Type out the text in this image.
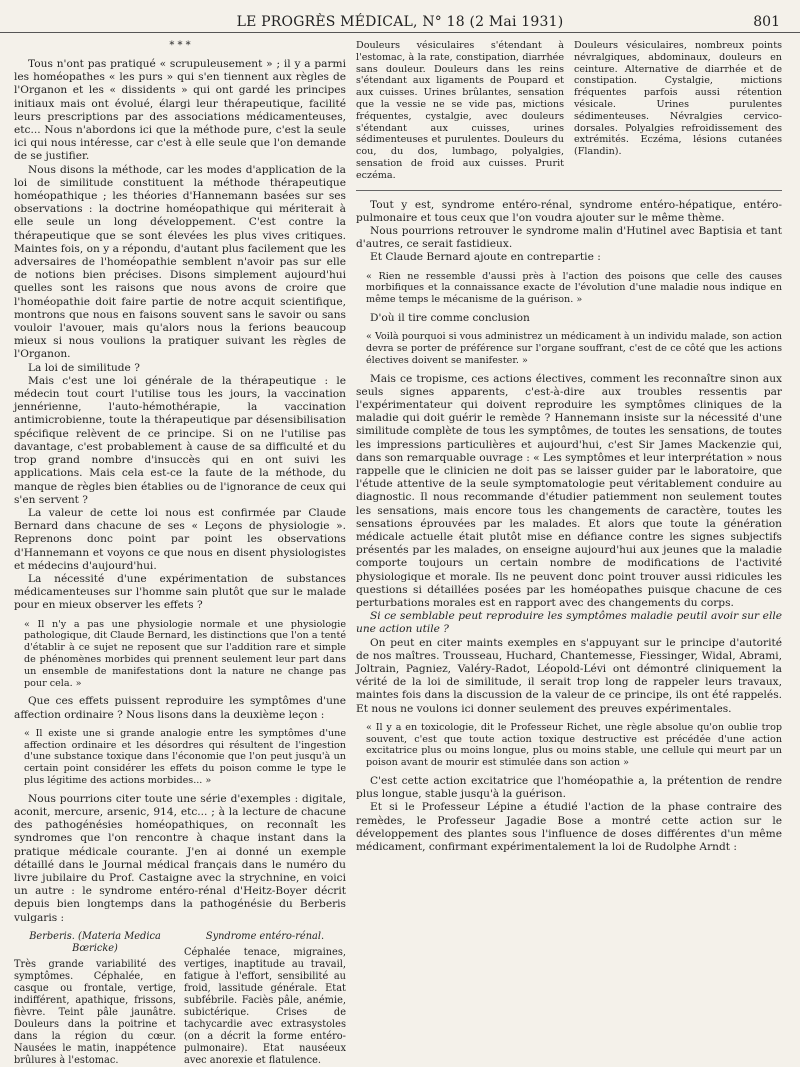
LE PROGRÈS MÉDICAL, N° 18 (2 Mai 1931)	801
* * *

Tous n'ont pas pratiqué « scrupuleusement » ; il y a parmi les homéopathes « les purs » qui s'en tiennent aux règles de l'Organon et les « dissidents » qui ont gardé les principes initiaux mais ont évolué, élargi leur thérapeutique, facilité leurs prescriptions par des associations médicamenteuses, etc... Nous n'abordons ici que la méthode pure, c'est la seule ici qui nous intéresse, car c'est à elle seule que l'on demande de se justifier.

Nous disons la méthode, car les modes d'application de la loi de similitude constituent la méthode thérapeutique homéopathique ; les théories d'Hannemann basées sur ses observations : la doctrine homéopathique qui mériterait à elle seule un long développement. C'est contre la thérapeutique que se sont élevées les plus vives critiques. Maintes fois, on y a répondu, d'autant plus facilement que les adversaires de l'homéopathie semblent n'avoir pas sur elle de notions bien précises. Disons simplement aujourd'hui quelles sont les raisons que nous avons de croire que l'homéopathie doit faire partie de notre acquit scientifique, montrons que nous en faisons souvent sans le savoir ou sans vouloir l'avouer, mais qu'alors nous la ferions beaucoup mieux si nous voulions la pratiquer suivant les règles de l'Organon.

La loi de similitude ?

Mais c'est une loi générale de la thérapeutique : le médecin tout court l'utilise tous les jours, la vaccination jennérienne, l'auto-hémothérapie, la vaccination antimicrobienne, toute la thérapeutique par désensibilisation spécifique relèvent de ce principe. Si on ne l'utilise pas davantage, c'est probablement à cause de sa difficulté et du trop grand nombre d'insuccès qui en ont suivi les applications. Mais cela est-ce la faute de la méthode, du manque de règles bien établies ou de l'ignorance de ceux qui s'en servent ?

La valeur de cette loi nous est confirmée par Claude Bernard dans chacune de ses « Leçons de physiologie ». Reprenons donc point par point les observations d'Hannemann et voyons ce que nous en disent physiologistes et médecins d'aujourd'hui.

La nécessité d'une expérimentation de substances médicamenteuses sur l'homme sain plutôt que sur le malade pour en mieux observer les effets ?

« Il n'y a pas une physiologie normale et une physiologie pathologique, dit Claude Bernard, les distinctions que l'on a tenté d'établir à ce sujet ne reposent que sur l'addition rare et simple de phénomènes morbides qui prennent seulement leur part dans un ensemble de manifestations dont la nature ne change pas pour cela. »

Que ces effets puissent reproduire les symptômes d'une affection ordinaire ? Nous lisons dans la deuxième leçon :

« Il existe une si grande analogie entre les symptômes d'une affection ordinaire et les désordres qui résultent de l'ingestion d'une substance toxique dans l'économie que l'on peut jusqu'à un certain point considérer les effets du poison comme le type le plus légitime des actions morbides... »

Nous pourrions citer toute une série d'exemples : digitale, aconit, mercure, arsenic, 914, etc... ; à la lecture de chacune des pathogénésies homéopathiques, on reconnaît les syndromes que l'on rencontre à chaque instant dans la pratique médicale courante. J'en ai donné un exemple détaillé dans le Journal médical français dans le numéro du livre jubilaire du Prof. Castaigne avec la strychnine, en voici un autre : le syndrome entéro-rénal d'Heitz-Boyer décrit depuis bien longtemps dans la pathogénésie du Berberis vulgaris :

Berberis. (Materia Medica Bœricke)
Très grande variabilité des symptômes. Céphalée, en casque ou frontale, vertige, indifférent, apathique, frissons, fièvre. Teint pâle jaunâtre. Douleurs dans la poitrine et dans la région du cœur. Nausées le matin, inappétence brûlures à l'estomac.
Syndrome entéro-rénal.
Céphalée tenace, migraines, vertiges, inaptitude au travail, fatigue à l'effort, sensibilité au froid, lassitude générale. Etat subfébrile. Faciès pâle, anémie, subictérique. Crises de tachycardie avec extrasystoles (on a décrit la forme entéro-pulmonaire). Etat nauséeux avec anorexie et flatulence.
Douleurs vésiculaires s'étendant à l'estomac, à la rate, constipation, diarrhée sans douleur. Douleurs dans les reins s'étendant aux ligaments de Poupard et aux cuisses. Urines brûlantes, sensation que la vessie ne se vide pas, mictions fréquentes, cystalgie, avec douleurs s'étendant aux cuisses, urines sédimenteuses et purulentes. Douleurs du cou, du dos, lumbago, polyalgies, sensation de froid aux cuisses. Prurit eczéma.
Douleurs vésiculaires, nombreux points névralgiques, abdominaux, douleurs en ceinture. Alternative de diarrhée et de constipation. Cystalgie, mictions fréquentes parfois aussi rétention vésicale. Urines purulentes sédimenteuses. Névralgies cervico-dorsales. Polyalgies refroidissement des extrémités. Eczéma, lésions cutanées (Flandin).

Tout y est, syndrome entéro-rénal, syndrome entéro-hépatique, entéro-pulmonaire et tous ceux que l'on voudra ajouter sur le même thème.

Nous pourrions retrouver le syndrome malin d'Hutinel avec Baptisia et tant d'autres, ce serait fastidieux.

Et Claude Bernard ajoute en contrepartie :

« Rien ne ressemble d'aussi près à l'action des poisons que celle des causes morbifiques et la connaissance exacte de l'évolution d'une maladie nous indique en même temps le mécanisme de la guérison. »

D'où il tire comme conclusion

« Voilà pourquoi si vous administrez un médicament à un individu malade, son action devra se porter de préférence sur l'organe souffrant, c'est de ce côté que les actions électives doivent se manifester. »

Mais ce tropisme, ces actions électives, comment les reconnaître sinon aux seuls signes apparents, c'est-à-dire aux troubles ressentis par l'expérimentateur qui doivent reproduire les symptômes cliniques de la maladie qui doit guérir le remède ? Hannemann insiste sur la nécessité d'une similitude complète de tous les symptômes, de toutes les sensations, de toutes les impressions particulières et aujourd'hui, c'est Sir James Mackenzie qui, dans son remarquable ouvrage : « Les symptômes et leur interprétation » nous rappelle que le clinicien ne doit pas se laisser guider par le laboratoire, que l'étude attentive de la seule symptomatologie peut véritablement conduire au diagnostic. Il nous recommande d'étudier patiemment non seulement toutes les sensations, mais encore tous les changements de caractère, toutes les sensations éprouvées par les malades. Et alors que toute la génération médicale actuelle était plutôt mise en défiance contre les signes subjectifs présentés par les malades, on enseigne aujourd'hui aux jeunes que la maladie comporte toujours un certain nombre de modifications de l'activité physiologique et morale. Ils ne peuvent donc point trouver aussi ridicules les questions si détaillées posées par les homéopathes puisque chacune de ces perturbations morales est en rapport avec des changements du corps.

Si ce semblable peut reproduire les symptômes maladie peutil avoir sur elle une action utile ?

On peut en citer maints exemples en s'appuyant sur le principe d'autorité de nos maîtres. Trousseau, Huchard, Chantemesse, Fiessinger, Widal, Abrami, Joltrain, Pagniez, Valéry-Radot, Léopold-Lévi ont démontré cliniquement la vérité de la loi de similitude, il serait trop long de rappeler leurs travaux, maintes fois dans la discussion de la valeur de ce principe, ils ont été rappelés. Et nous ne voulons ici donner seulement des preuves expérimentales.

« Il y a en toxicologie, dit le Professeur Richet, une règle absolue qu'on oublie trop souvent, c'est que toute action toxique destructive est précédée d'une action excitatrice plus ou moins longue, plus ou moins stable, une cellule qui meurt par un poison avant de mourir est stimulée dans son action »

C'est cette action excitatrice que l'homéopathie a, la prétention de rendre plus longue, stable jusqu'à la guérison.

Et si le Professeur Lépine a étudié l'action de la phase contraire des remèdes, le Professeur Jagadie Bose a montré cette action sur le développement des plantes sous l'influence de doses différentes d'un même médicament, confirmant expérimentalement la loi de Rudolphe Arndt :
